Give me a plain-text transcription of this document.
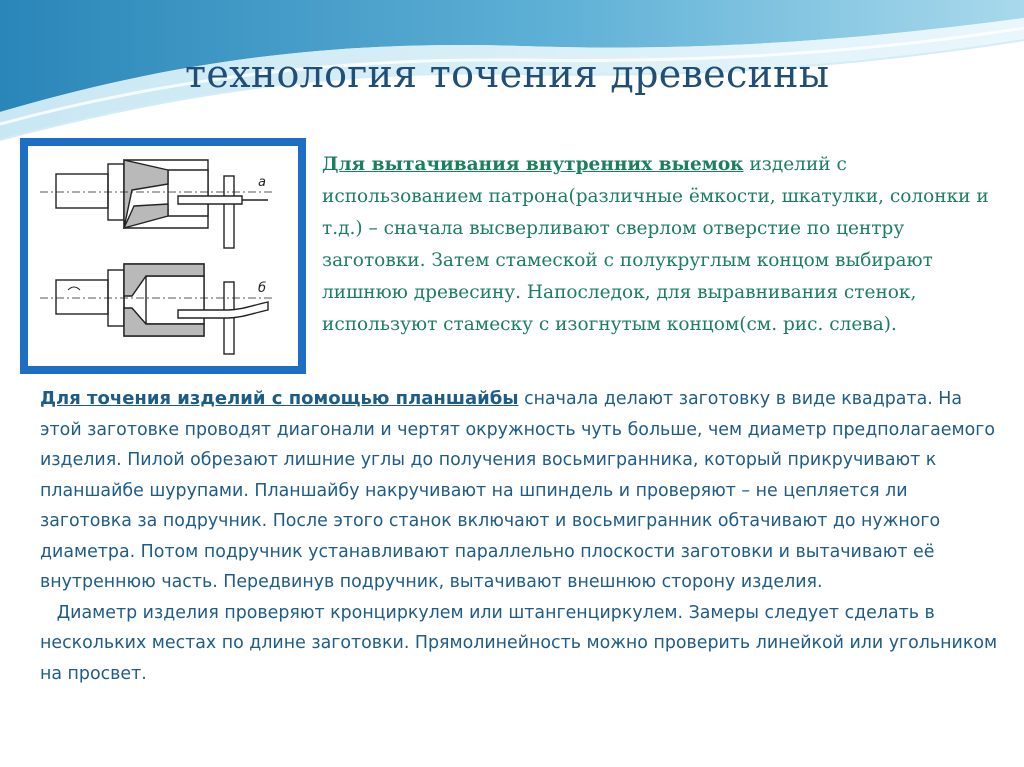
технология точения древесины
а
б

Для вытачивания внутренних выемок изделий с использованием патрона(различные ёмкости, шкатулки, солонки и т.д.) – сначала высверливают сверлом отверстие по центру заготовки. Затем стамеской с полукруглым концом выбирают лишнюю древесину. Напоследок, для выравнивания стенок, используют стамеску с изогнутым концом(см. рис. слева).

Для точения изделий с помощью планшайбы сначала делают заготовку в виде квадрата. На этой заготовке проводят диагонали и чертят окружность чуть больше, чем диаметр предполагаемого изделия. Пилой обрезают лишние углы до получения восьмигранника, который прикручивают к планшайбе шурупами. Планшайбу накручивают на шпиндель и проверяют – не цепляется ли заготовка за подручник. После этого станок включают и восьмигранник обтачивают до нужного диаметра. Потом подручник устанавливают параллельно плоскости заготовки и вытачивают её внутреннюю часть. Передвинув подручник, вытачивают внешнюю сторону изделия.
Диаметр изделия проверяют кронциркулем или штангенциркулем. Замеры следует сделать в нескольких местах по длине заготовки. Прямолинейность можно проверить линейкой или угольником на просвет.
